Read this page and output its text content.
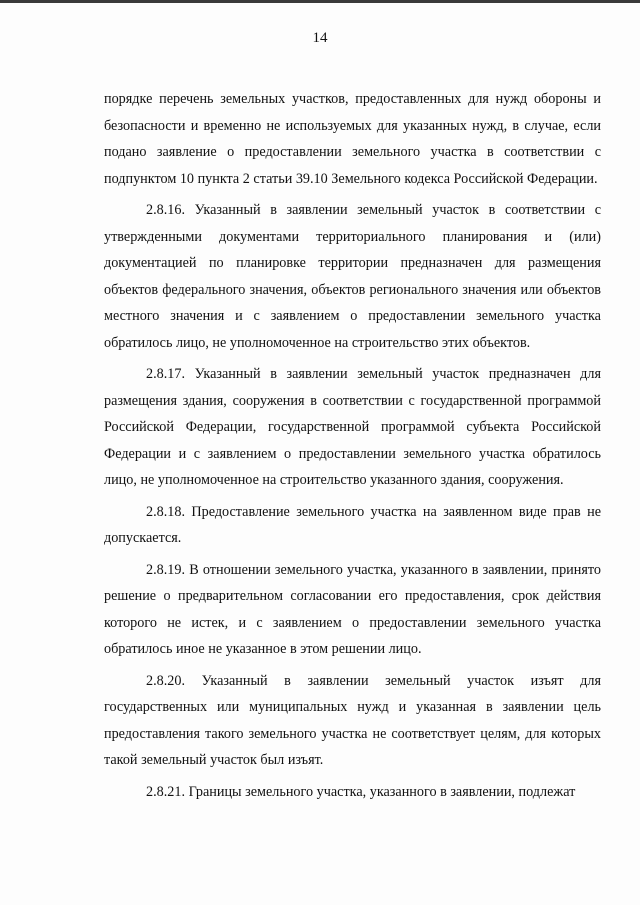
14

порядке перечень земельных участков, предоставленных для нужд обороны и безопасности и временно не используемых для указанных нужд, в случае, если подано заявление о предоставлении земельного участка в соответствии с подпунктом 10 пункта 2 статьи 39.10 Земельного кодекса Российской Федерации.

2.8.16. Указанный в заявлении земельный участок в соответствии с утвержденными документами территориального планирования и (или) документацией по планировке территории предназначен для размещения объектов федерального значения, объектов регионального значения или объектов местного значения и с заявлением о предоставлении земельного участка обратилось лицо, не уполномоченное на строительство этих объектов.

2.8.17. Указанный в заявлении земельный участок предназначен для размещения здания, сооружения в соответствии с государственной программой Российской Федерации, государственной программой субъекта Российской Федерации и с заявлением о предоставлении земельного участка обратилось лицо, не уполномоченное на строительство указанного здания, сооружения.

2.8.18. Предоставление земельного участка на заявленном виде прав не допускается.

2.8.19. В отношении земельного участка, указанного в заявлении, принято решение о предварительном согласовании его предоставления, срок действия которого не истек, и с заявлением о предоставлении земельного участка обратилось иное не указанное в этом решении лицо.

2.8.20. Указанный в заявлении земельный участок изъят для государственных или муниципальных нужд и указанная в заявлении цель предоставления такого земельного участка не соответствует целям, для которых такой земельный участок был изъят.

2.8.21. Границы земельного участка, указанного в заявлении, подлежат
